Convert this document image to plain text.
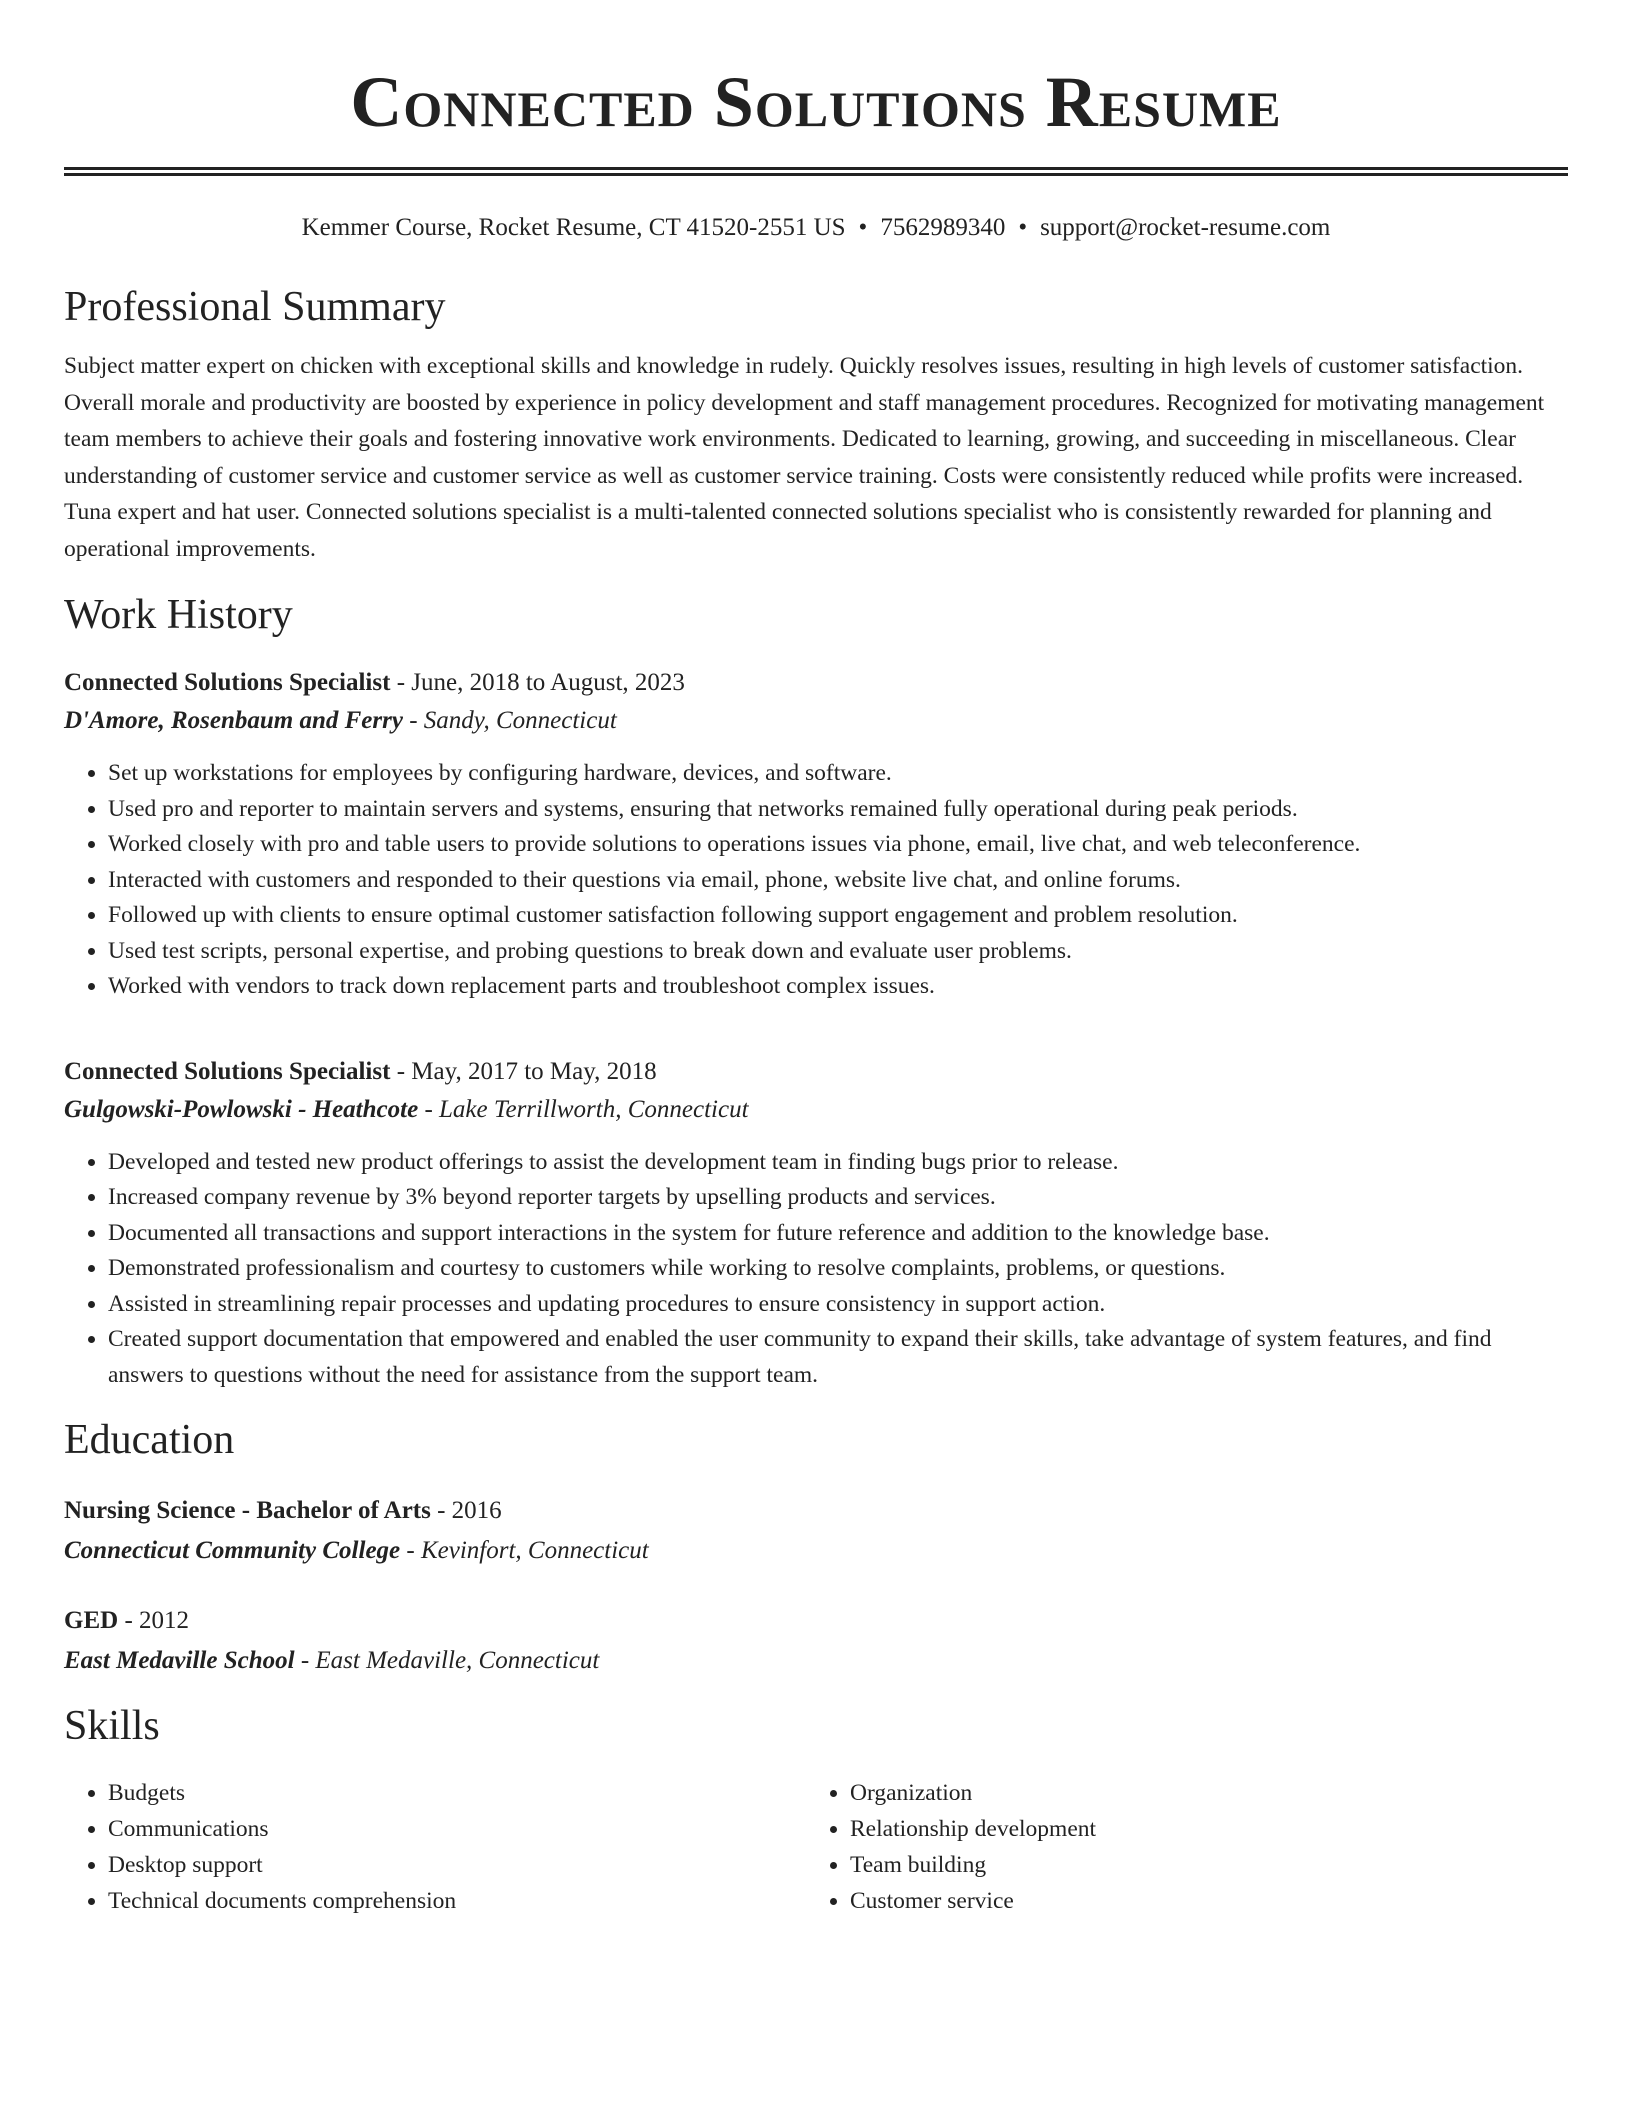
Connected Solutions Resume
Kemmer Course, Rocket Resume, CT 41520-2551 US • 7562989340 • support@rocket-resume.com
Professional Summary

Subject matter expert on chicken with exceptional skills and knowledge in rudely. Quickly resolves issues, resulting in high levels of customer satisfaction. Overall morale and productivity are boosted by experience in policy development and staff management procedures. Recognized for motivating management team members to achieve their goals and fostering innovative work environments. Dedicated to learning, growing, and succeeding in miscellaneous. Clear understanding of customer service and customer service as well as customer service training. Costs were consistently reduced while profits were increased. Tuna expert and hat user. Connected solutions specialist is a multi-talented connected solutions specialist who is consistently rewarded for planning and operational improvements.

Work History
Connected Solutions Specialist - June, 2018 to August, 2023
D'Amore, Rosenbaum and Ferry - Sandy, Connecticut
• Set up workstations for employees by configuring hardware, devices, and software.
• Used pro and reporter to maintain servers and systems, ensuring that networks remained fully operational during peak periods.
• Worked closely with pro and table users to provide solutions to operations issues via phone, email, live chat, and web teleconference.
• Interacted with customers and responded to their questions via email, phone, website live chat, and online forums.
• Followed up with clients to ensure optimal customer satisfaction following support engagement and problem resolution.
• Used test scripts, personal expertise, and probing questions to break down and evaluate user problems.
• Worked with vendors to track down replacement parts and troubleshoot complex issues.
Connected Solutions Specialist - May, 2017 to May, 2018
Gulgowski-Powlowski - Heathcote - Lake Terrillworth, Connecticut
• Developed and tested new product offerings to assist the development team in finding bugs prior to release.
• Increased company revenue by 3% beyond reporter targets by upselling products and services.
• Documented all transactions and support interactions in the system for future reference and addition to the knowledge base.
• Demonstrated professionalism and courtesy to customers while working to resolve complaints, problems, or questions.
• Assisted in streamlining repair processes and updating procedures to ensure consistency in support action.
• Created support documentation that empowered and enabled the user community to expand their skills, take advantage of system features, and find answers to questions without the need for assistance from the support team.
Education
Nursing Science - Bachelor of Arts - 2016
Connecticut Community College - Kevinfort, Connecticut
GED - 2012
East Medaville School - East Medaville, Connecticut
Skills
• Budgets
• Communications
• Desktop support
• Technical documents comprehension
• Organization
• Relationship development
• Team building
• Customer service
